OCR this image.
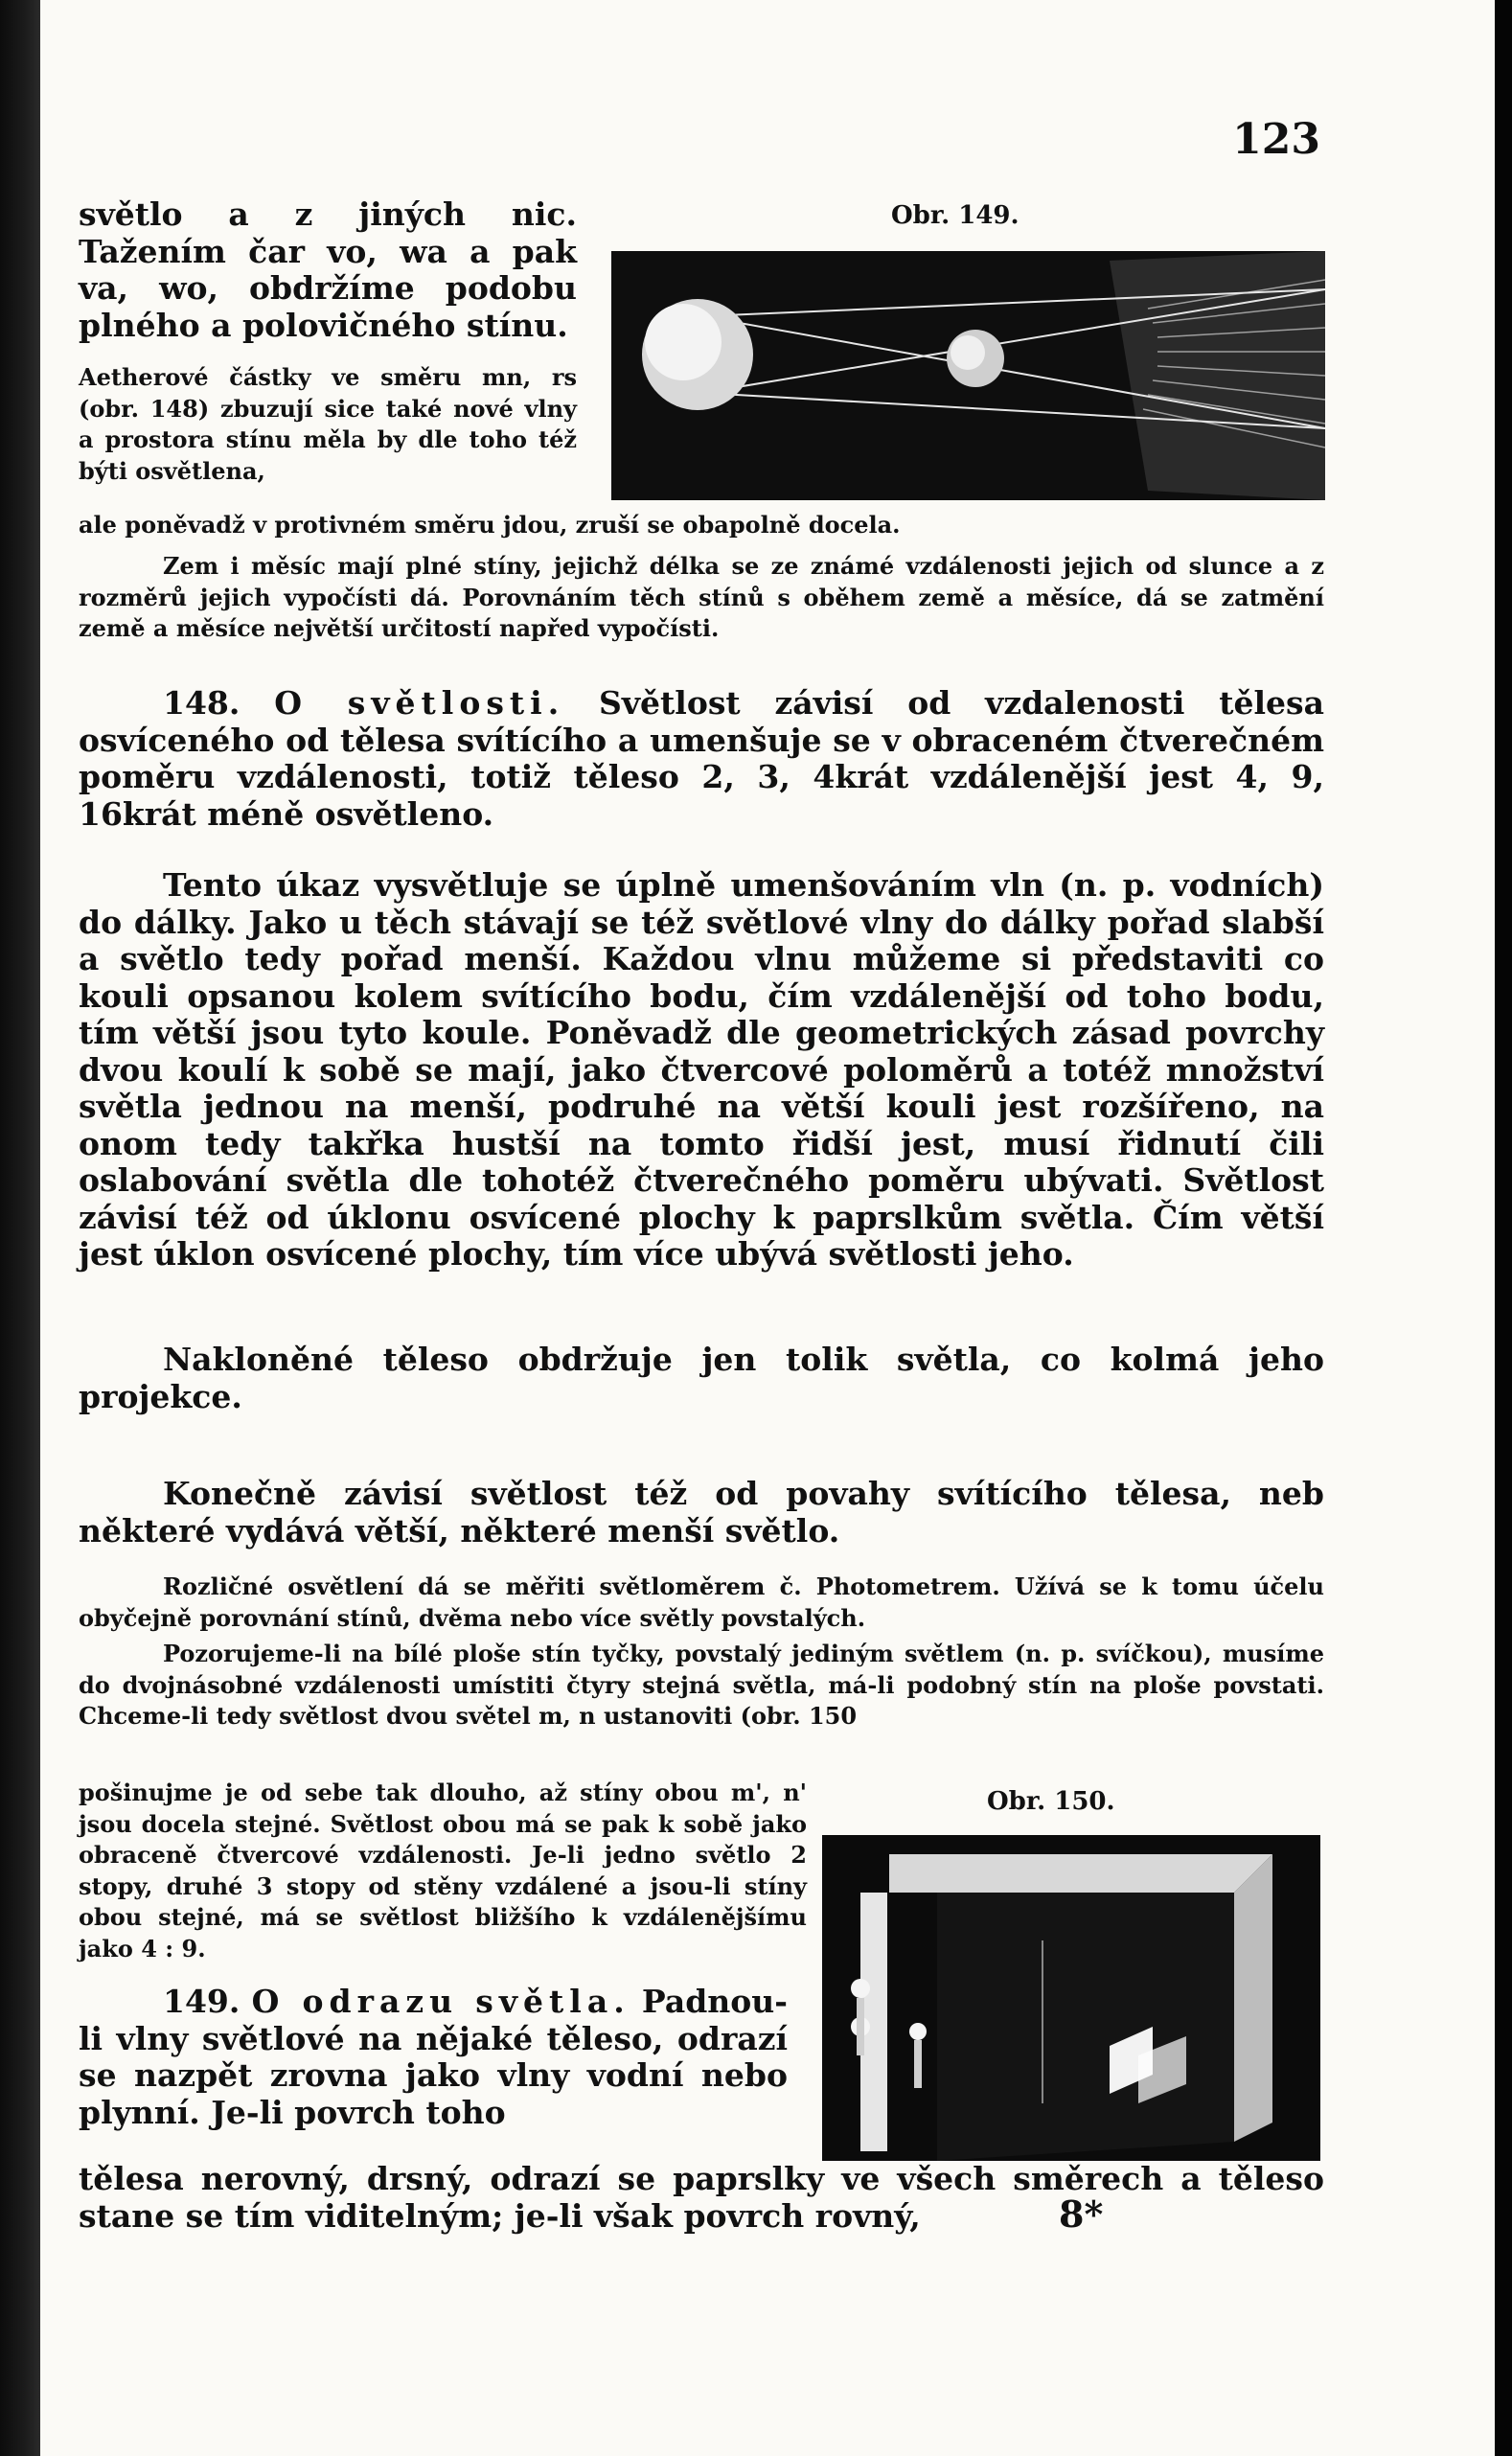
123
Obr. 149.
světlo a z jiných nic. Tažením čar vo, wa a pak va, wo, obdržíme podobu plného a polovičného stínu.
Aetherové částky ve směru mn, rs (obr. 148) zbuzují sice také nové vlny a prostora stínu měla by dle toho též býti osvětlena,
ale poněvadž v protivném směru jdou, zruší se obapolně docela.
Zem i měsíc mají plné stíny, jejichž délka se ze známé vzdálenosti jejich od slunce a z rozměrů jejich vypočísti dá. Porovnáním těch stínů s oběhem země a měsíce, dá se zatmění země a měsíce největší určitostí napřed vypočísti.
148. O světlosti. Světlost závisí od vzdalenosti tělesa osvíceného od tělesa svítícího a umenšuje se v obraceném čtverečném poměru vzdálenosti, totiž těleso 2, 3, 4krát vzdálenější jest 4, 9, 16krát méně osvětleno.
Tento úkaz vysvětluje se úplně umenšováním vln (n. p. vodních) do dálky. Jako u těch stávají se též světlové vlny do dálky pořad slabší a světlo tedy pořad menší. Každou vlnu můžeme si představiti co kouli opsanou kolem svítícího bodu, čím vzdálenější od toho bodu, tím větší jsou tyto koule. Poněvadž dle geometrických zásad povrchy dvou koulí k sobě se mají, jako čtvercové poloměrů a totéž množství světla jednou na menší, podruhé na větší kouli jest rozšířeno, na onom tedy takřka hustší na tomto řidší jest, musí řidnutí čili oslabování světla dle tohotéž čtverečného poměru ubývati. Světlost závisí též od úklonu osvícené plochy k paprslkům světla. Čím větší jest úklon osvícené plochy, tím více ubývá světlosti jeho.
Nakloněné těleso obdržuje jen tolik světla, co kolmá jeho projekce.
Konečně závisí světlost též od povahy svítícího tělesa, neb některé vydává větší, některé menší světlo.
Rozličné osvětlení dá se měřiti světloměrem č. Photometrem. Užívá se k tomu účelu obyčejně porovnání stínů, dvěma nebo více světly povstalých.
Pozorujeme-li na bílé ploše stín tyčky, povstalý jediným světlem (n. p. svíčkou), musíme do dvojnásobné vzdálenosti umístiti čtyry stejná světla, má-li podobný stín na ploše povstati. Chceme-li tedy světlost dvou světel m, n ustanoviti (obr. 150
pošinujme je od sebe tak dlouho, až stíny obou m', n' jsou docela stejné. Světlost obou má se pak k sobě jako obraceně čtvercové vzdálenosti. Je-li jedno světlo 2 stopy, druhé 3 stopy od stěny vzdálené a jsou-li stíny obou stejné, má se světlost bližšího k vzdálenějšímu jako 4 : 9.
Obr. 150.
149. O odrazu světla. Padnou-li vlny světlové na nějaké těleso, odrazí se nazpět zrovna jako vlny vodní nebo plynní. Je-li povrch toho
tělesa nerovný, drsný, odrazí se paprslky ve všech směrech a těleso stane se tím viditelným; je-li však povrch rovný,	8*
